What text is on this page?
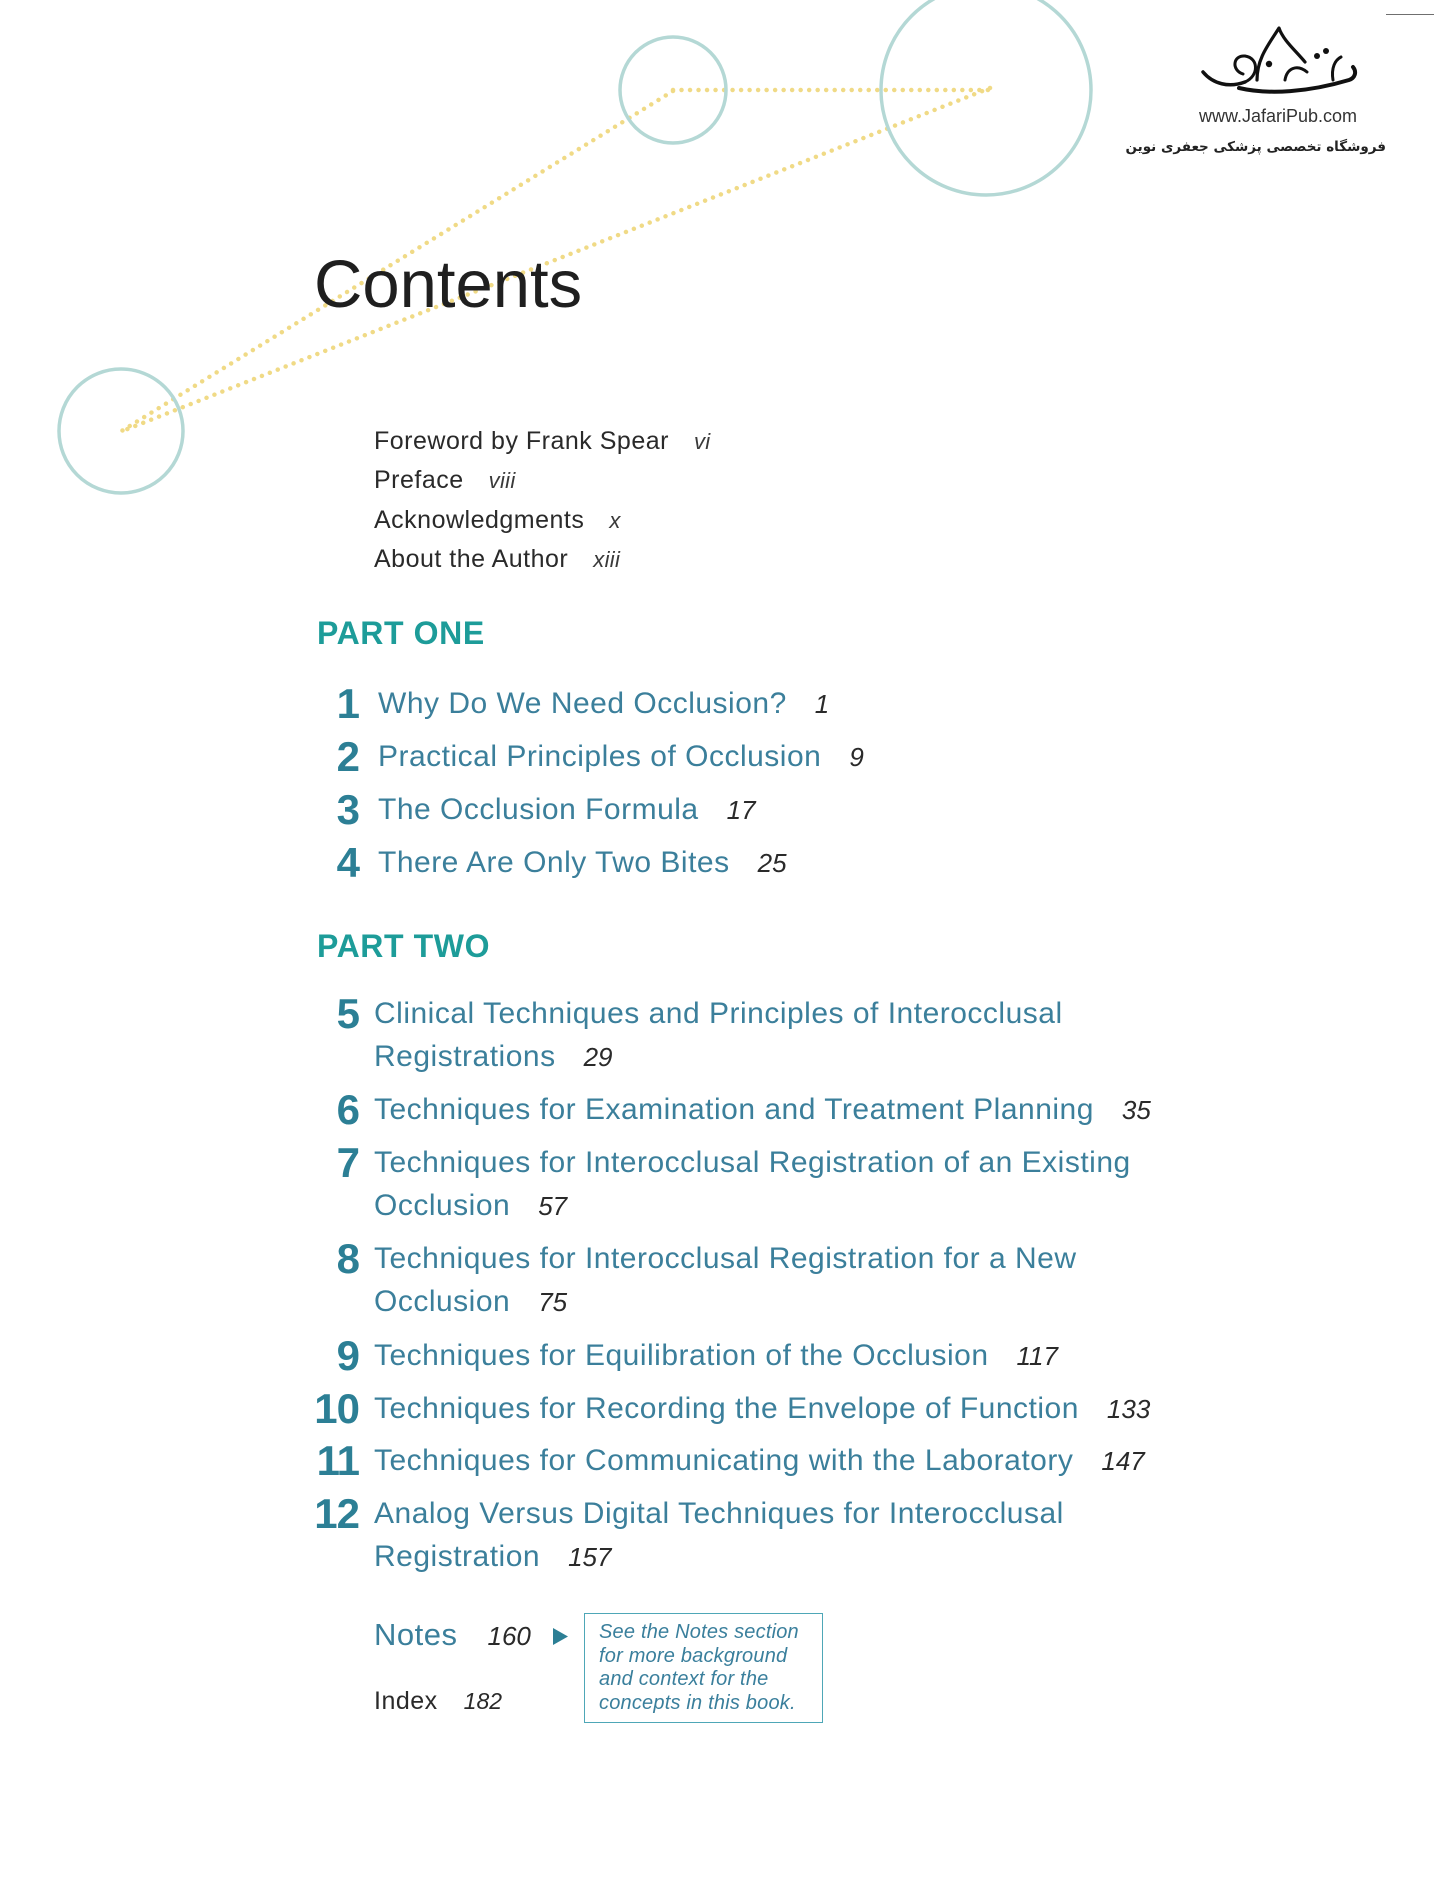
www.JafariPub.com
فروشگاه تخصصی پزشکی جعفری نوین
Contents
Foreword by Frank Spear vi
Preface viii
Acknowledgments x
About the Author xiii
PART ONE
1 Why Do We Need Occlusion? 1
2 Practical Principles of Occlusion 9
3 The Occlusion Formula 17
4 There Are Only Two Bites 25
PART TWO
5 Clinical Techniques and Principles of Interocclusal
Registrations 29
6 Techniques for Examination and Treatment Planning 35
7 Techniques for Interocclusal Registration of an Existing
Occlusion 57
8 Techniques for Interocclusal Registration for a New
Occlusion 75
9 Techniques for Equilibration of the Occlusion 117
10 Techniques for Recording the Envelope of Function 133
11 Techniques for Communicating with the Laboratory 147
12 Analog Versus Digital Techniques for Interocclusal
Registration 157
Notes 160
Index 182
See the Notes section
for more background
and context for the
concepts in this book.
